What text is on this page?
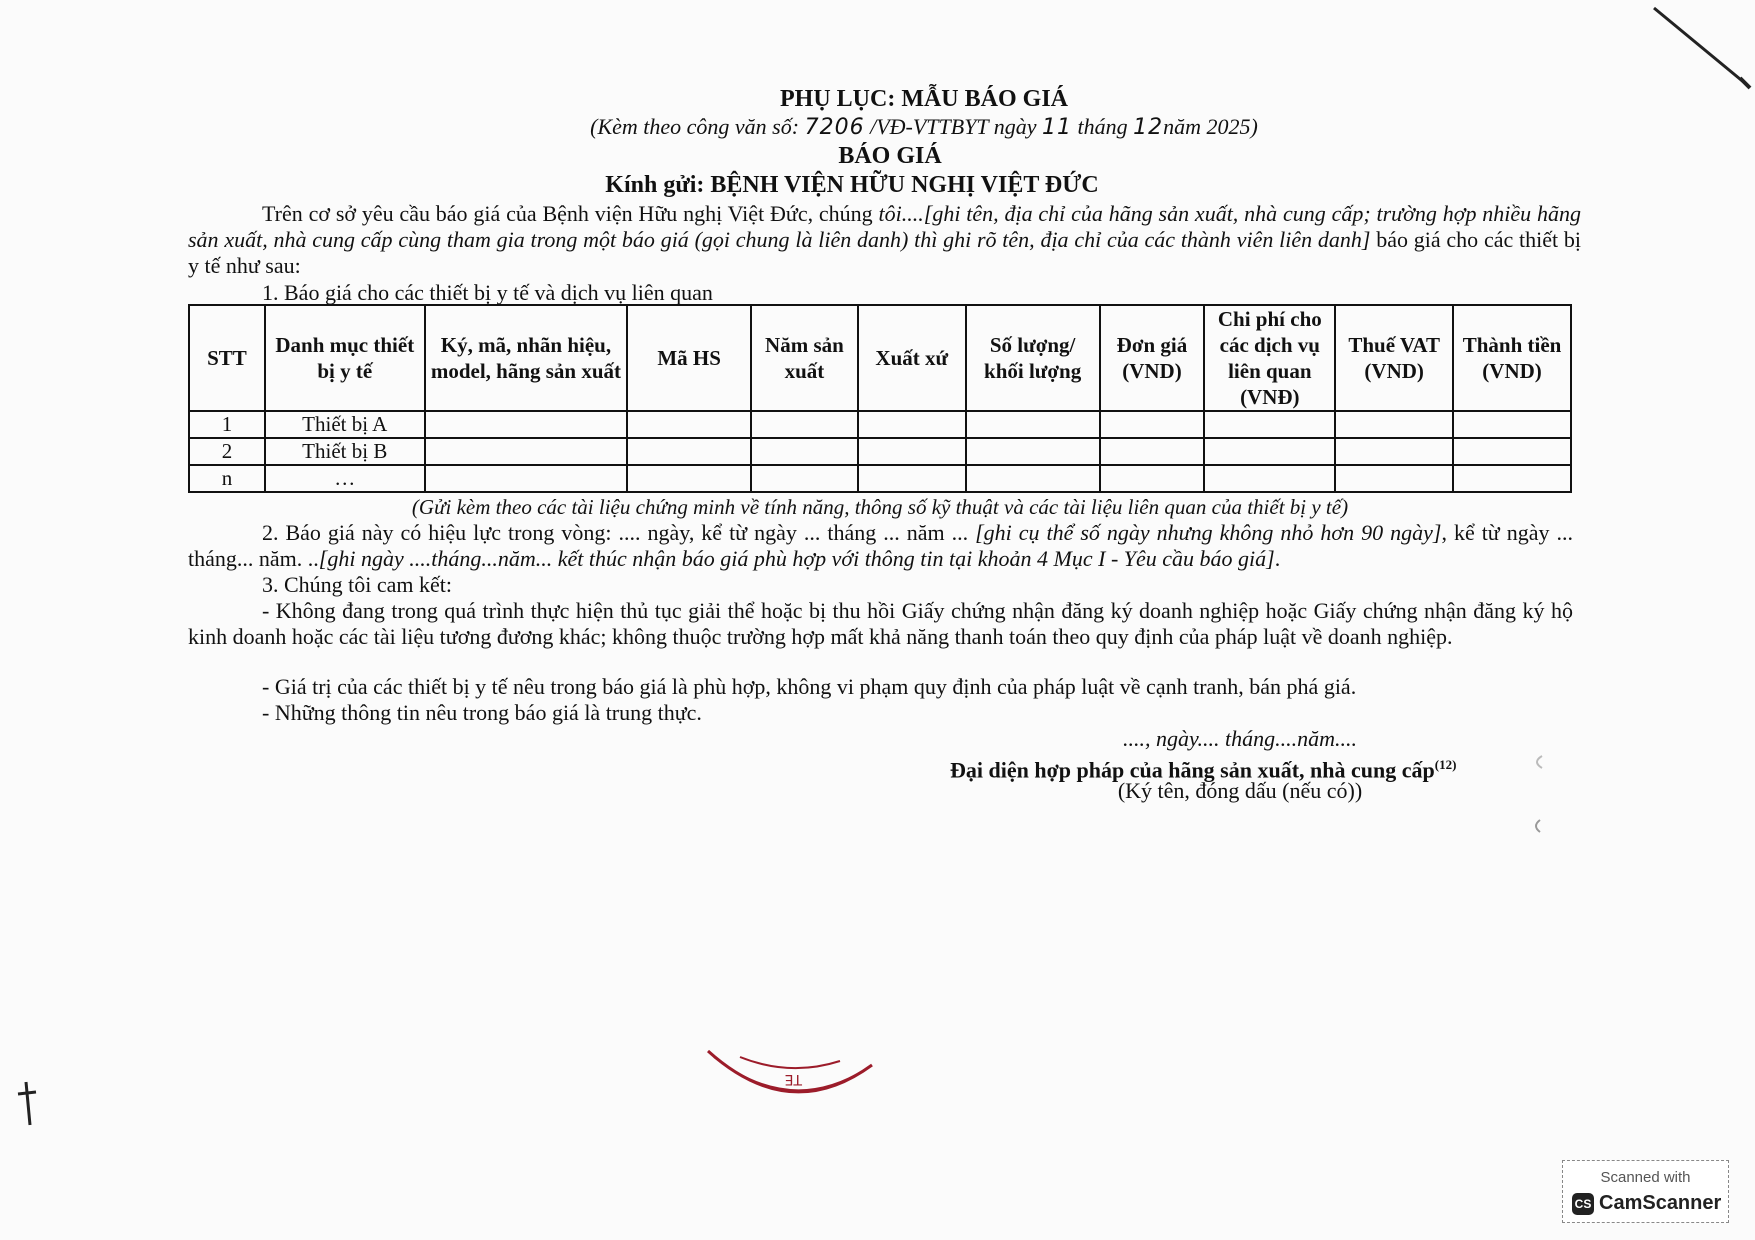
PHỤ LỤC: MẪU BÁO GIÁ
(Kèm theo công văn số: 7206 /VĐ-VTTBYT ngày 11 tháng 12năm 2025)
BÁO GIÁ
Kính gửi: BỆNH VIỆN HỮU NGHỊ VIỆT ĐỨC
Trên cơ sở yêu cầu báo giá của Bệnh viện Hữu nghị Việt Đức, chúng tôi....[ghi tên, địa chỉ của hãng sản xuất, nhà cung cấp; trường hợp nhiều hãng sản xuất, nhà cung cấp cùng tham gia trong một báo giá (gọi chung là liên danh) thì ghi rõ tên, địa chỉ của các thành viên liên danh] báo giá cho các thiết bị y tế như sau:
1. Báo giá cho các thiết bị y tế và dịch vụ liên quan
STT	Danh mục thiết bị y tế	Ký, mã, nhãn hiệu, model, hãng sản xuất	Mã HS	Năm sản xuất	Xuất xứ	Số lượng/ khối lượng	Đơn giá (VND)	Chi phí cho các dịch vụ liên quan (VNĐ)	Thuế VAT (VND)	Thành tiền (VND)
1	Thiết bị A									
2	Thiết bị B									
n	…									
(Gửi kèm theo các tài liệu chứng minh về tính năng, thông số kỹ thuật và các tài liệu liên quan của thiết bị y tế)
2. Báo giá này có hiệu lực trong vòng: .... ngày, kể từ ngày ... tháng ... năm ... [ghi cụ thể số ngày nhưng không nhỏ hơn 90 ngày], kể từ ngày ... tháng... năm. ..[ghi ngày ....tháng...năm... kết thúc nhận báo giá phù hợp với thông tin tại khoản 4 Mục I - Yêu cầu báo giá].
3. Chúng tôi cam kết:
- Không đang trong quá trình thực hiện thủ tục giải thể hoặc bị thu hồi Giấy chứng nhận đăng ký doanh nghiệp hoặc Giấy chứng nhận đăng ký hộ kinh doanh hoặc các tài liệu tương đương khác; không thuộc trường hợp mất khả năng thanh toán theo quy định của pháp luật về doanh nghiệp.
- Giá trị của các thiết bị y tế nêu trong báo giá là phù hợp, không vi phạm quy định của pháp luật về cạnh tranh, bán phá giá.
- Những thông tin nêu trong báo giá là trung thực.
...., ngày.... tháng....năm....
Đại diện hợp pháp của hãng sản xuất, nhà cung cấp$^{(12)}$
(Ký tên, đóng dấu (nếu có))
TE
Scanned with
CS CamScanner
